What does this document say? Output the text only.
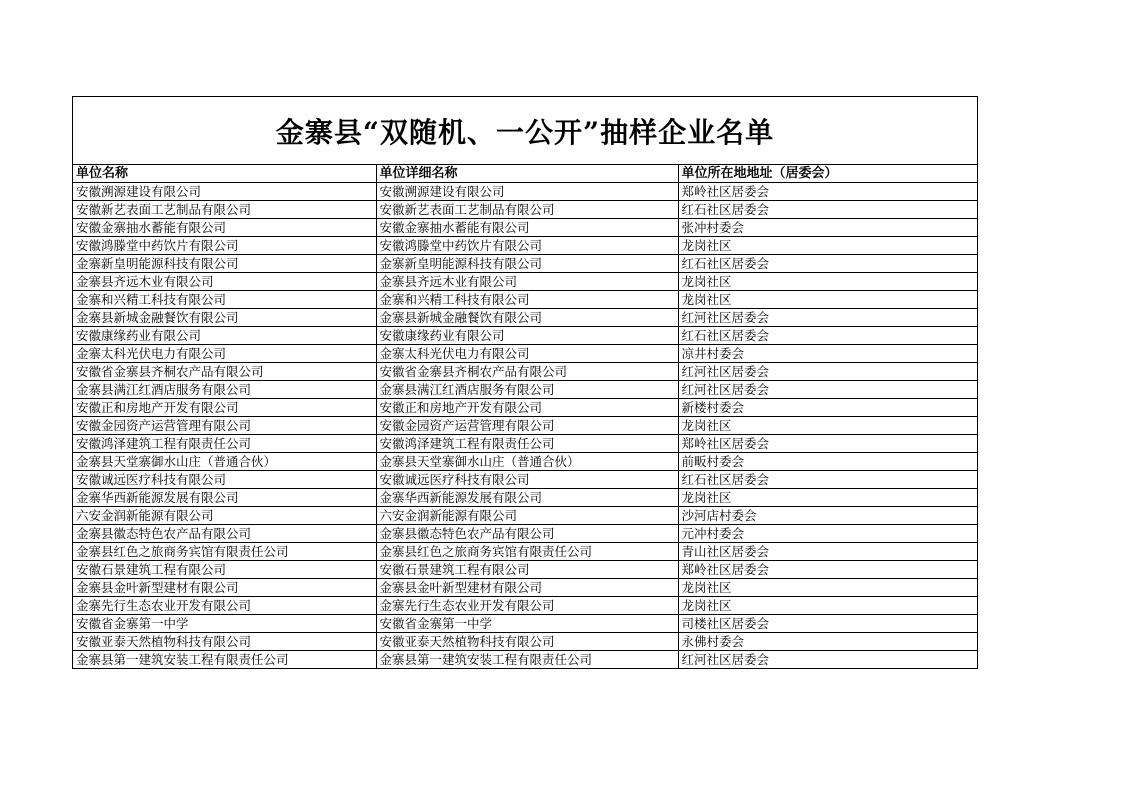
金寨县“双随机、一公开”抽样企业名单
单位名称	单位详细名称	单位所在地地址（居委会）
安徽溯源建设有限公司	安徽溯源建设有限公司	郑岭社区居委会
安徽新艺表面工艺制品有限公司	安徽新艺表面工艺制品有限公司	红石社区居委会
安徽金寨抽水蓄能有限公司	安徽金寨抽水蓄能有限公司	张冲村委会
安徽鸿滕堂中药饮片有限公司	安徽鸿滕堂中药饮片有限公司	龙岗社区
金寨新皇明能源科技有限公司	金寨新皇明能源科技有限公司	红石社区居委会
金寨县齐远木业有限公司	金寨县齐远木业有限公司	龙岗社区
金寨和兴精工科技有限公司	金寨和兴精工科技有限公司	龙岗社区
金寨县新城金融餐饮有限公司	金寨县新城金融餐饮有限公司	红河社区居委会
安徽康缘药业有限公司	安徽康缘药业有限公司	红石社区居委会
金寨太科光伏电力有限公司	金寨太科光伏电力有限公司	凉井村委会
安徽省金寨县齐桐农产品有限公司	安徽省金寨县齐桐农产品有限公司	红河社区居委会
金寨县满江红酒店服务有限公司	金寨县满江红酒店服务有限公司	红河社区居委会
安徽正和房地产开发有限公司	安徽正和房地产开发有限公司	新楼村委会
安徽金园资产运营管理有限公司	安徽金园资产运营管理有限公司	龙岗社区
安徽鸿泽建筑工程有限责任公司	安徽鸿泽建筑工程有限责任公司	郑岭社区居委会
金寨县天堂寨御水山庄（普通合伙）	金寨县天堂寨御水山庄（普通合伙）	前畈村委会
安徽诚远医疗科技有限公司	安徽诚远医疗科技有限公司	红石社区居委会
金寨华西新能源发展有限公司	金寨华西新能源发展有限公司	龙岗社区
六安金润新能源有限公司	六安金润新能源有限公司	沙河店村委会
金寨县徽态特色农产品有限公司	金寨县徽态特色农产品有限公司	元冲村委会
金寨县红色之旅商务宾馆有限责任公司	金寨县红色之旅商务宾馆有限责任公司	青山社区居委会
安徽石景建筑工程有限公司	安徽石景建筑工程有限公司	郑岭社区居委会
金寨县金叶新型建材有限公司	金寨县金叶新型建材有限公司	龙岗社区
金寨先行生态农业开发有限公司	金寨先行生态农业开发有限公司	龙岗社区
安徽省金寨第一中学	安徽省金寨第一中学	司楼社区居委会
安徽亚泰天然植物科技有限公司	安徽亚泰天然植物科技有限公司	永佛村委会
金寨县第一建筑安装工程有限责任公司	金寨县第一建筑安装工程有限责任公司	红河社区居委会
